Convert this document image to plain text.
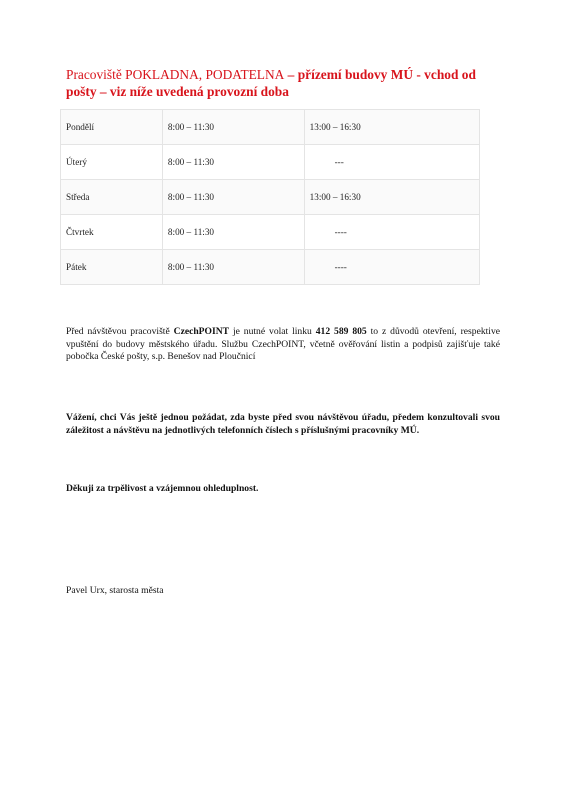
Pracoviště POKLADNA, PODATELNA – přízemí budovy MÚ - vchod od pošty – viz níže uvedená provozní doba
Pondělí	8:00 – 11:30	13:00 – 16:30
Úterý	8:00 – 11:30	---
Středa	8:00 – 11:30	13:00 – 16:30
Čtvrtek	8:00 – 11:30	----
Pátek	8:00 – 11:30	----
Před návštěvou pracoviště CzechPOINT je nutné volat linku 412 589 805 to z důvodů otevření, respektive vpuštění do budovy městského úřadu. Službu CzechPOINT, včetně ověřování listin a podpisů zajišťuje také pobočka České pošty, s.p. Benešov nad Ploučnicí
Vážení, chci Vás ještě jednou požádat, zda byste před svou návštěvou úřadu, předem konzultovali svou záležitost a návštěvu na jednotlivých telefonních číslech s příslušnými pracovníky MÚ.
Děkuji za trpělivost a vzájemnou ohleduplnost.
Pavel Urx, starosta města
